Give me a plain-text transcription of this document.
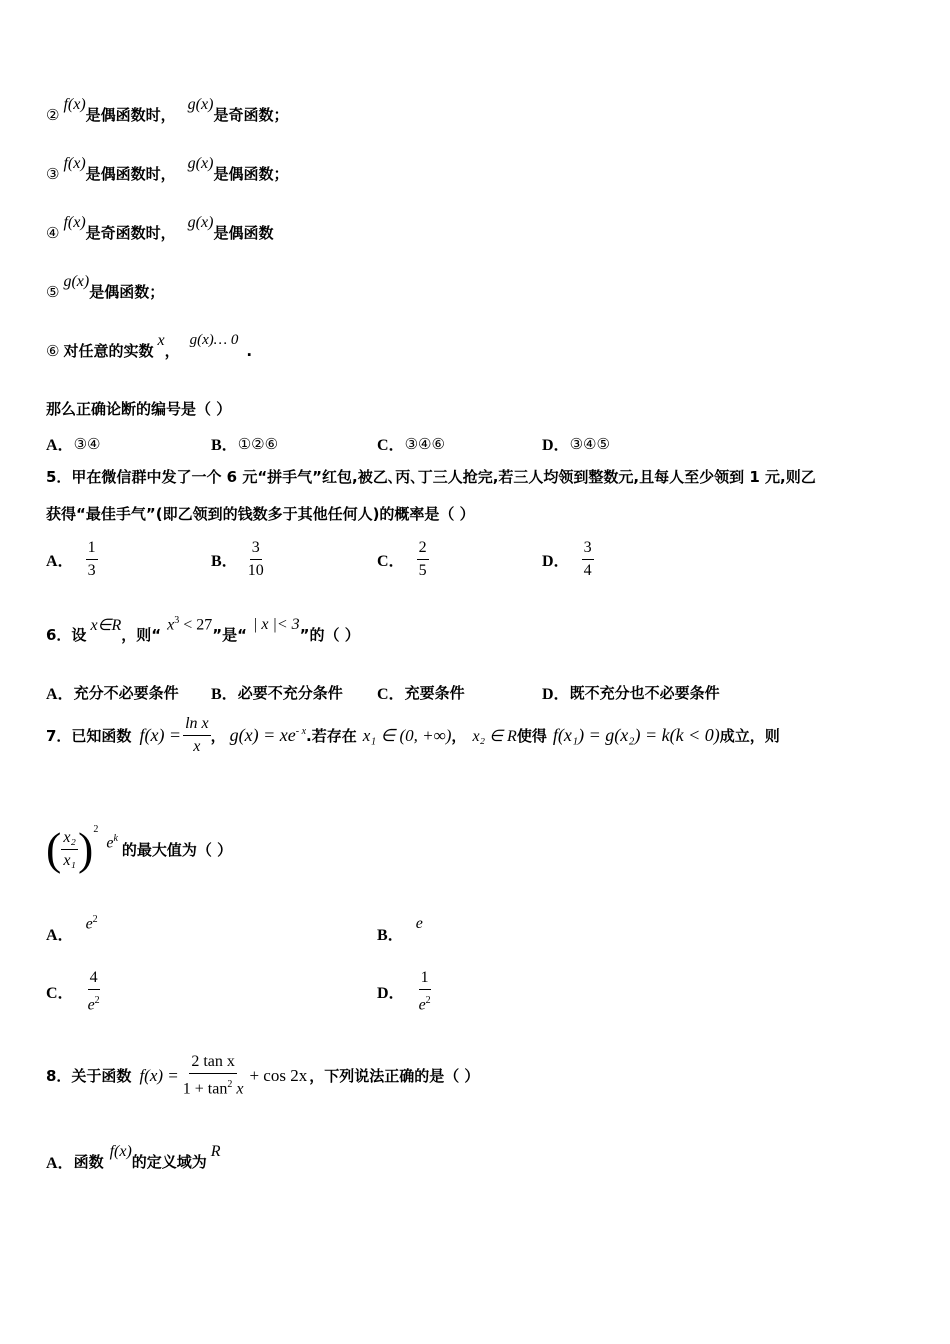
②
f(x)
是偶函数时，
g(x)
是奇函数；
③
f(x)
是偶函数时，
g(x)
是偶函数；
④
f(x)
是奇函数时，
g(x)
是偶函数
⑤
g(x)
是偶函数；
⑥ 对任意的实数
x
，
g(x)… 0
.
那么正确论断的编号是（ ）
A． ③④	B． ①②⑥	C． ③④⑥	D． ③④⑤
5．甲在微信群中发了一个 6 元“拼手气”红包,被乙､丙､丁三人抢完,若三人均领到整数元,且每人至少领到 1 元,则乙
获得“最佳手气”(即乙领到的钱数多于其他任何人)的概率是（ ）
A． $\frac{1}{3}$	B． $\frac{3}{10}$	C． $\frac{2}{5}$	D． $\frac{3}{4}$
6．设
x∈R
，则“
$x^3 < 27$
”是“
| x |< 3
”的（ ）
A． 充分不必要条件 B． 必要不充分条件 C． 充要条件	D． 既不充分也不必要条件
7．已知函数 $f(x) = \frac{\text{ln x}}{x}$ ， $g(x) = xe^{- x}$ .若存在 x₁ ∈ (0, +∞) ， x₂ ∈ R 使得 f(x₁) = g(x₂) = k(k < 0) 成立，则
( $\frac{\text{x₂}}{\text{x₁}}$ ) 2
$e^k$
的最大值为（ ）
A．
$e^2$
B．
e
C． $\frac{4}{e^2}$	D． $\frac{1}{e^2}$
8．关于函数 $f(x) = \frac{\text{2 tan x}}{1 + \tan^2 x} + \cos 2x$ ，下列说法正确的是（ ）
A． 函数
f(x)
的定义域为
R
